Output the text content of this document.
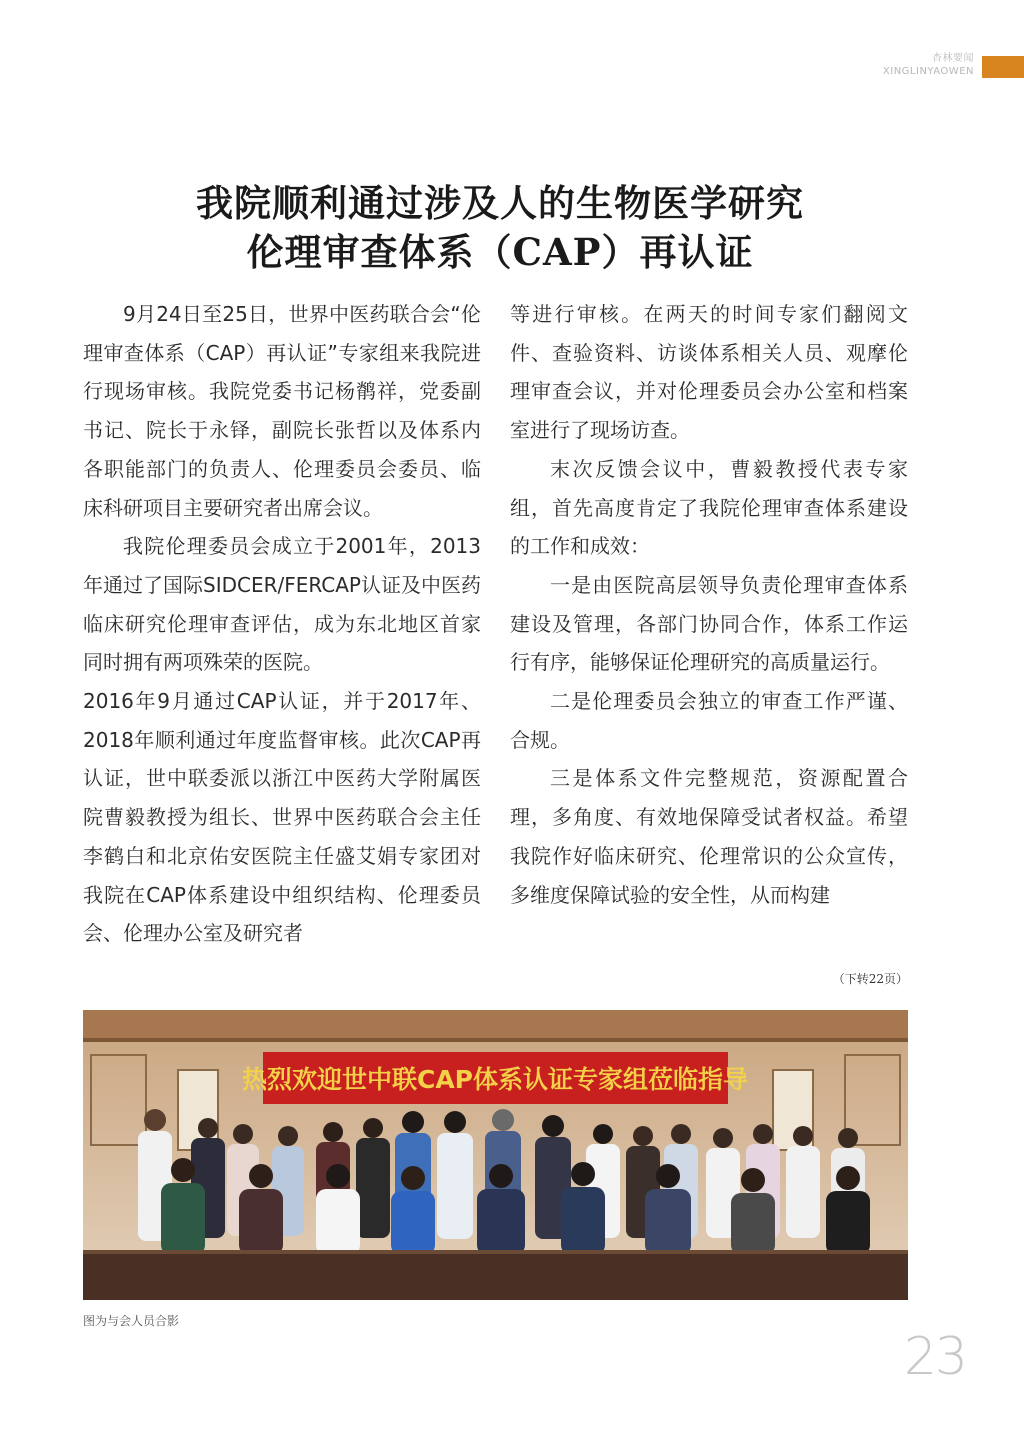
杏林要闻
XINGLINYAOWEN
我院顺利通过涉及人的生物医学研究
伦理审查体系（CAP）再认证

9月24日至25日，世界中医药联合会“伦理审查体系（CAP）再认证”专家组来我院进行现场审核。我院党委书记杨鹡祥，党委副书记、院长于永铎，副院长张哲以及体系内各职能部门的负责人、伦理委员会委员、临床科研项目主要研究者出席会议。

我院伦理委员会成立于2001年，2013年通过了国际SIDCER/FERCAP认证及中医药临床研究伦理审查评估，成为东北地区首家同时拥有两项殊荣的医院。

2016年9月通过CAP认证，并于2017年、2018年顺利通过年度监督审核。此次CAP再认证，世中联委派以浙江中医药大学附属医院曹毅教授为组长、世界中医药联合会主任李鹤白和北京佑安医院主任盛艾娟专家团对我院在CAP体系建设中组织结构、伦理委员会、伦理办公室及研究者

等进行审核。在两天的时间专家们翻阅文件、查验资料、访谈体系相关人员、观摩伦理审查会议，并对伦理委员会办公室和档案室进行了现场访查。

末次反馈会议中，曹毅教授代表专家组，首先高度肯定了我院伦理审查体系建设的工作和成效：

一是由医院高层领导负责伦理审查体系建设及管理，各部门协同合作，体系工作运行有序，能够保证伦理研究的高质量运行。

二是伦理委员会独立的审查工作严谨、合规。

三是体系文件完整规范，资源配置合理，多角度、有效地保障受试者权益。希望我院作好临床研究、伦理常识的公众宣传，多维度保障试验的安全性，从而构建

（下转22页）
热烈欢迎世中联CAP体系认证专家组莅临指导
图为与会人员合影
23
